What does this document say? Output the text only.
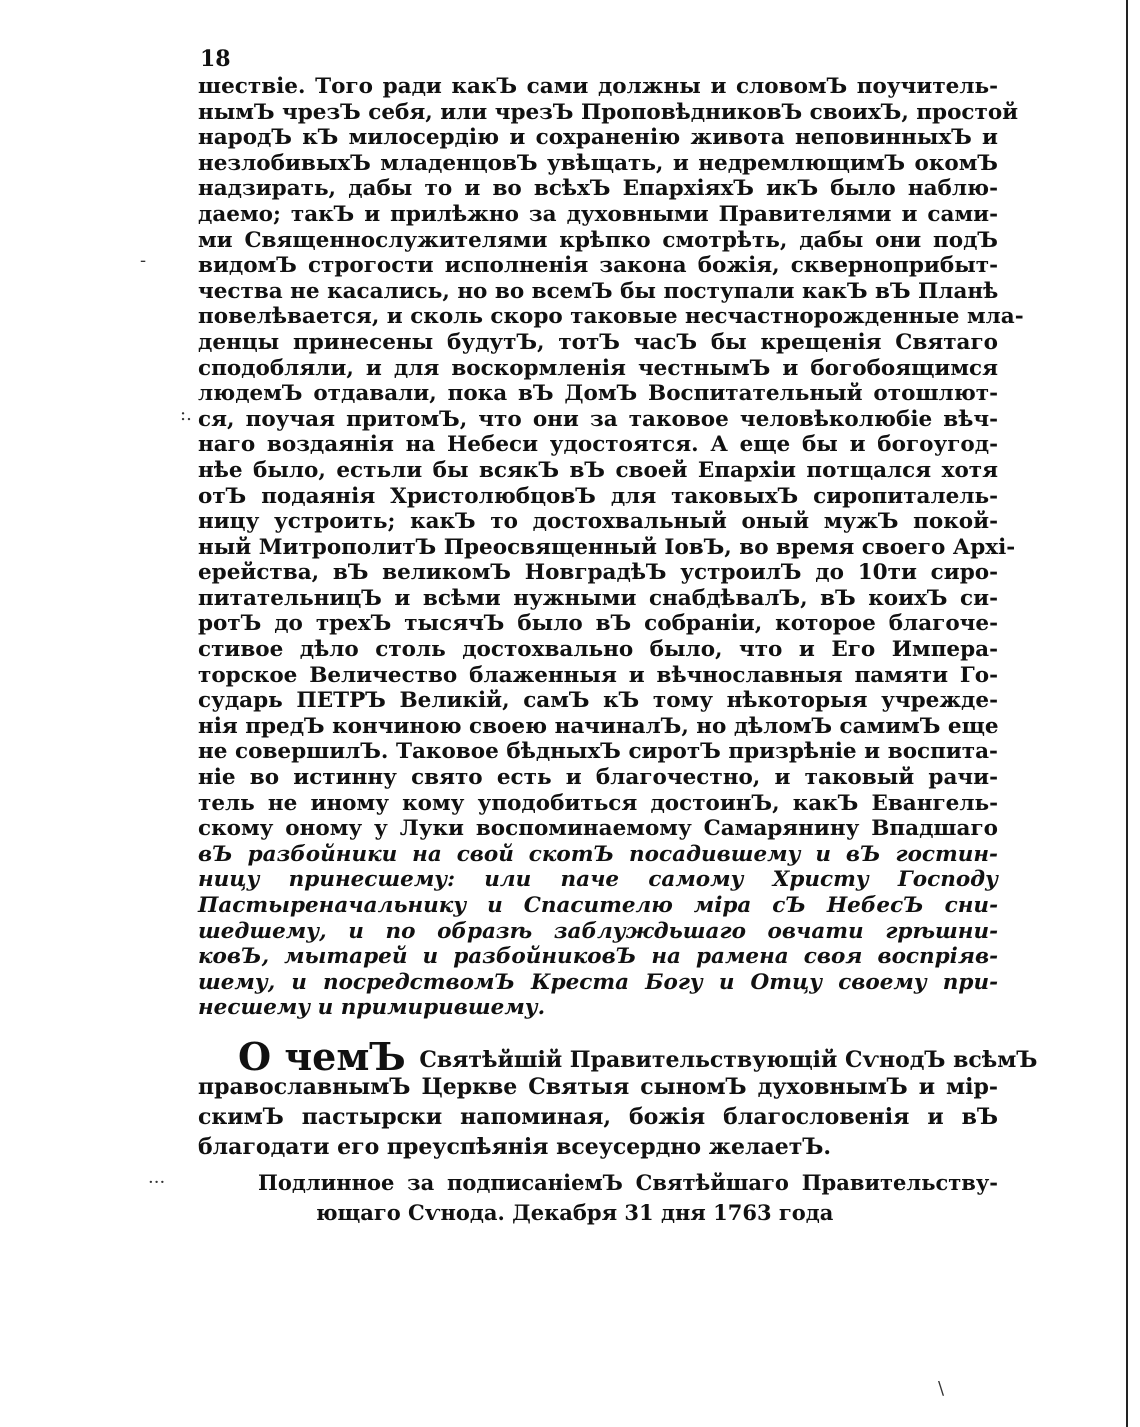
18
шествіе. Того ради какЪ сами должны и словомЪ поучитель-
нымЪ чрезЪ себя, или чрезЪ ПроповѣдниковЪ своихЪ, простой
народЪ кЪ милосердію и сохраненію живота неповинныхЪ и
незлобивыхЪ младенцовЪ увѣщать, и недремлющимЪ окомЪ
надзирать, дабы то и во всѣхЪ ЕпархіяхЪ икЪ было наблю-
даемо; такЪ и прилѣжно за духовными Правителями и сами-
ми Священнослужителями крѣпко смотрѣть, дабы они подЪ
видомЪ строгости исполненія закона божія, скверноприбыт-
чества не касались, но во всемЪ бы поступали какЪ вЪ Планѣ
повелѣвается, и сколь скоро таковые несчастнорожденные мла-
денцы принесены будутЪ, тотЪ часЪ бы крещенія Святаго
сподобляли, и для воскормленія честнымЪ и богобоящимся
людемЪ отдавали, пока вЪ ДомЪ Воспитательный отошлют-
ся, поучая притомЪ, что они за таковое человѣколюбіе вѣч-
наго воздаянія на Небеси удостоятся. А еще бы и богоугод-
нѣе было, естьли бы всякЪ вЪ своей Епархіи потщался хотя
отЪ подаянія ХристолюбцовЪ для таковыхЪ сиропиталель-
ницу устроить; какЪ то достохвальный оный мужЪ покой-
ный МитрополитЪ Преосвященный ІовЪ, во время своего Архі-
ерейства, вЪ великомЪ НовградѣЪ устроилЪ до 10ти сиро-
питательницЪ и всѣми нужными снабдѣвалЪ, вЪ коихЪ си-
ротЪ до трехЪ тысячЪ было вЪ собраніи, которое благоче-
стивое дѣло столь достохвально было, что и Его Импера-
торское Величество блаженныя и вѣчнославныя памяти Го-
сударь ПЕТРЪ Великій, самЪ кЪ тому нѣкоторыя учрежде-
нія предЪ кончиною своею начиналЪ, но дѣломЪ самимЪ еще
не совершилЪ. Таковое бѣдныхЪ сиротЪ призрѣніе и воспита-
ніе во истинну свято есть и благочестно, и таковый рачи-
тель не иному кому уподобиться достоинЪ, какЪ Евангель-
скому оному у Луки воспоминаемому Самарянину Впадшаго
вЪ разбойники на свой скотЪ посадившему и вЪ гостин-
ницу принесшему: или паче самому Христу Господу
Пастыреначальнику и Спасителю міра сЪ НебесЪ сни-
шедшему, и по образѣ заблуждьшаго овчати грѣшни-
ковЪ, мытарей и разбойниковЪ на рамена своя воспріяв-
шему, и посредствомЪ Креста Богу и Отцу своему при-
несшему и примирившему.
О чемЪ Святѣйшій Правительствующій СѵнодЪ всѣмЪ
православнымЪ Церкве Святыя сыномЪ духовнымЪ и мір-
скимЪ пастырски напоминая, божія благословенія и вЪ
благодати его преуспѣянія всеусердно желаетЪ.
Подлинное за подписаніемЪ Святѣйшаго Правительству-
ющаго Сѵнода. Декабря 31 дня 1763 года
-
:.
···
\
